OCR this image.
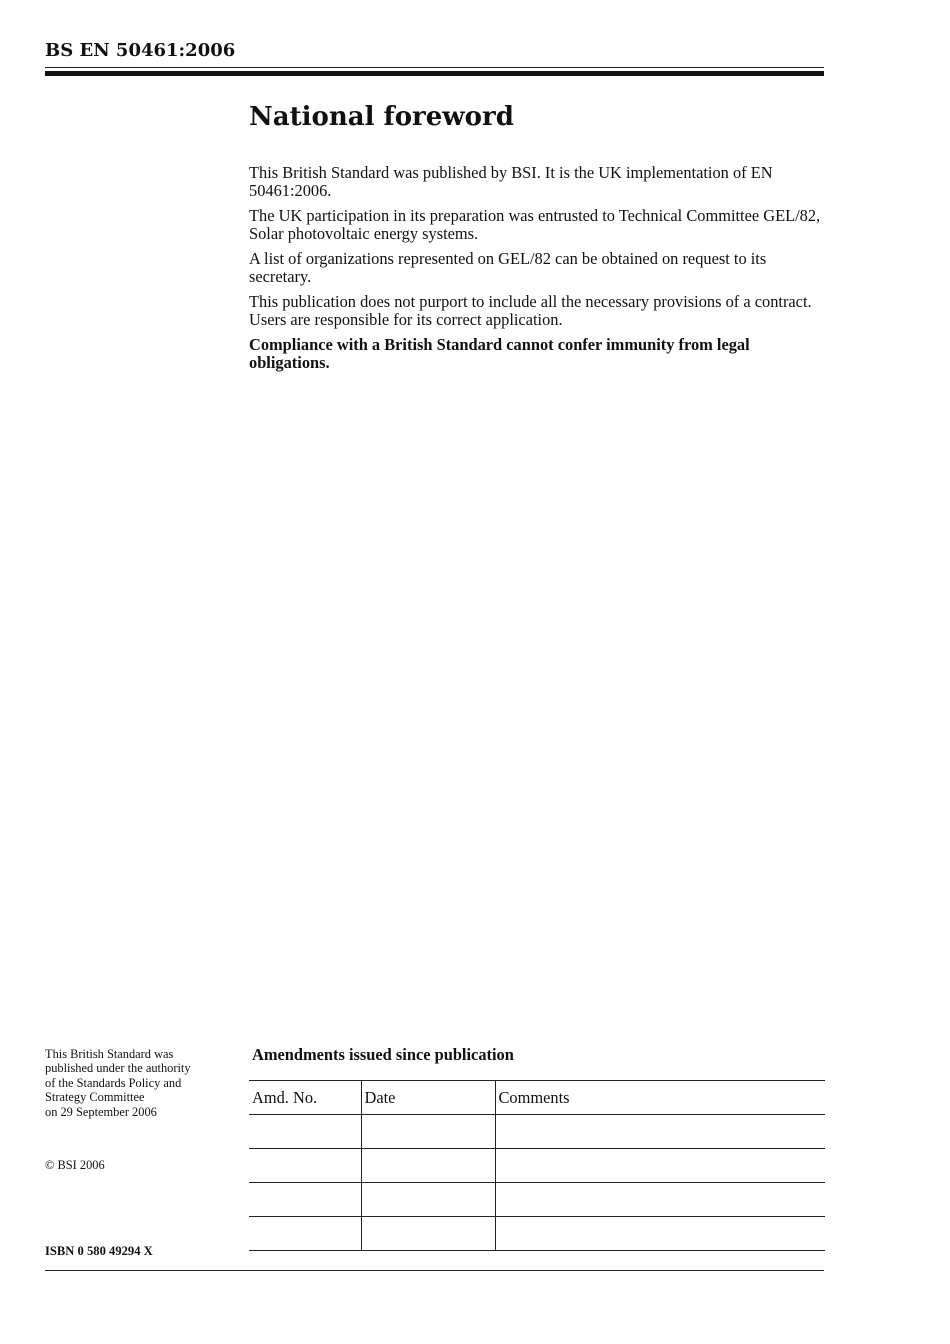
BS EN 50461:2006
National foreword

This British Standard was published by BSI. It is the UK implementation of EN 50461:2006.

The UK participation in its preparation was entrusted to Technical Committee GEL/82, Solar photovoltaic energy systems.

A list of organizations represented on GEL/82 can be obtained on request to its secretary.

This publication does not purport to include all the necessary provisions of a contract. Users are responsible for its correct application.

Compliance with a British Standard cannot confer immunity from legal obligations.

This British Standard was
published under the authority
of the Standards Policy and
Strategy Committee
on 29 September 2006
© BSI 2006
ISBN 0 580 49294 X
Amendments issued since publication
Amd. No.	Date	Comments
